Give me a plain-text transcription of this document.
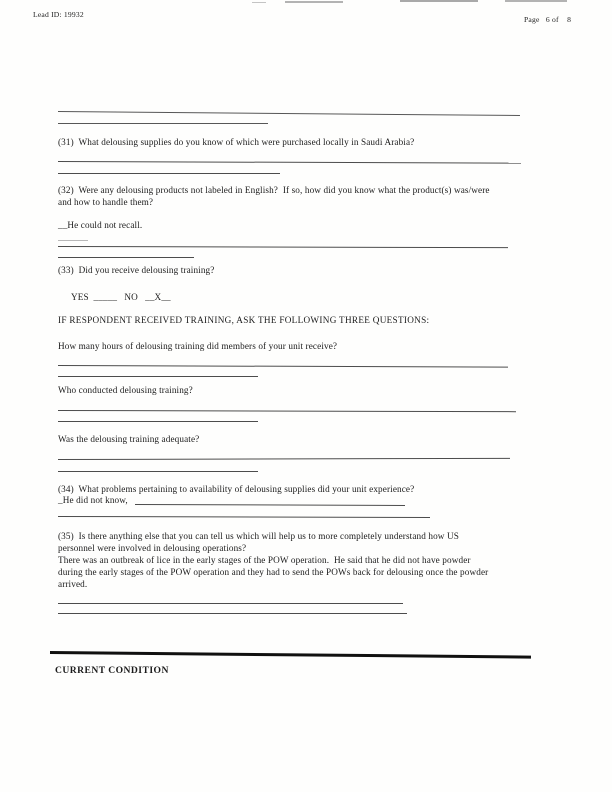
Lead ID: 19932
Page   6 of    8
(31)  What delousing supplies do you know of which were purchased locally in Saudi Arabia?
(32)  Were any delousing products not labeled in English?  If so, how did you know what the product(s) was/were
and how to handle them?
__He could not recall.
(33)  Did you receive delousing training?
YES  _____   NO   __X__
IF RESPONDENT RECEIVED TRAINING, ASK THE FOLLOWING THREE QUESTIONS:
How many hours of delousing training did members of your unit receive?
Who conducted delousing training?
Was the delousing training adequate?
(34)  What problems pertaining to availability of delousing supplies did your unit experience?
_He did not know,
(35)  Is there anything else that you can tell us which will help us to more completely understand how US
personnel were involved in delousing operations?
There was an outbreak of lice in the early stages of the POW operation.  He said that he did not have powder
during the early stages of the POW operation and they had to send the POWs back for delousing once the powder
arrived.
CURRENT CONDITION
